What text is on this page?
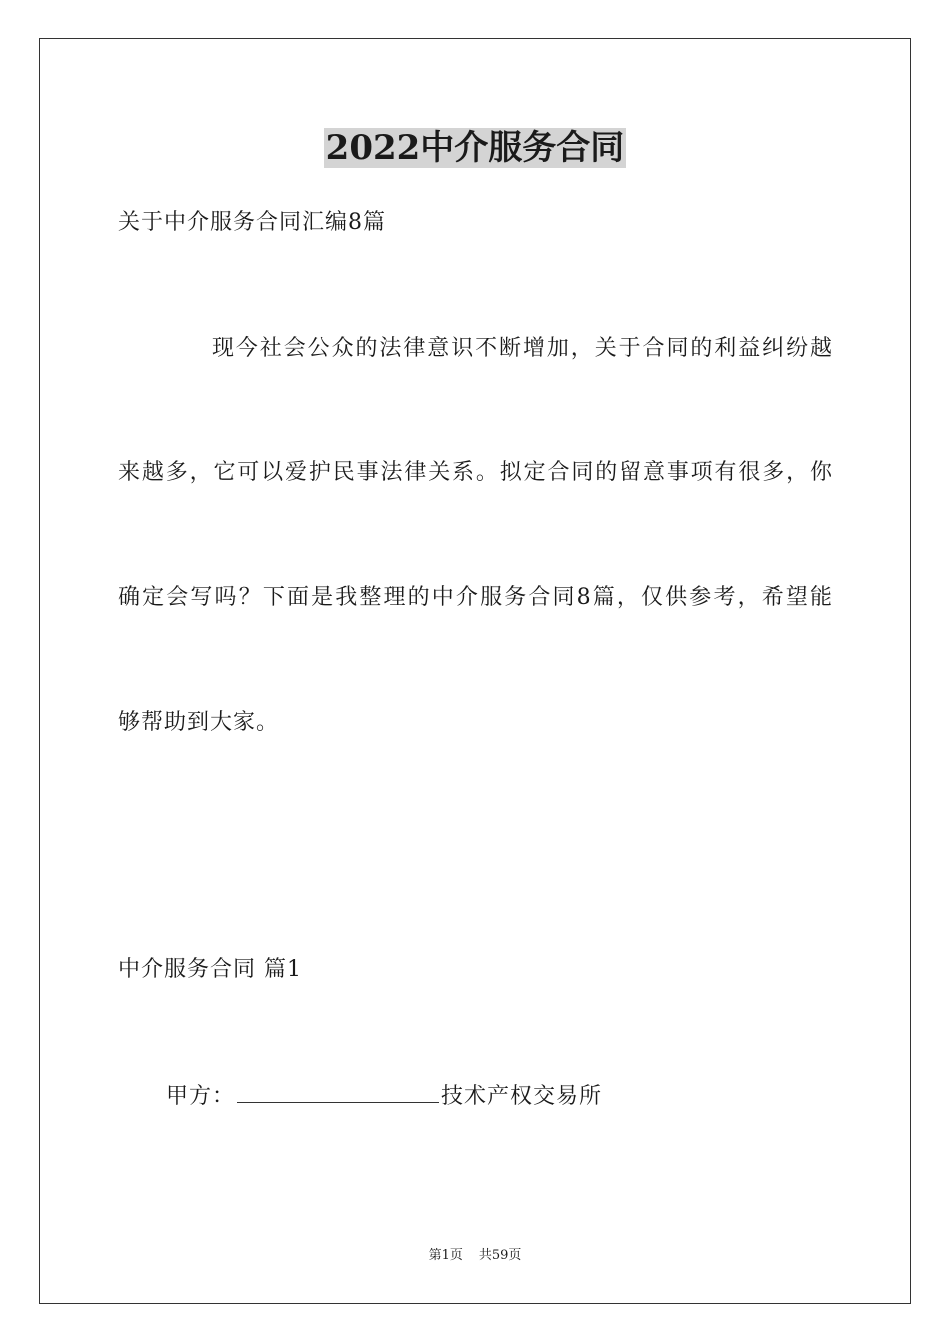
2022中介服务合同
关于中介服务合同汇编8篇
现今社会公众的法律意识不断增加，关于合同的利益纠纷越
来越多，它可以爱护民事法律关系。拟定合同的留意事项有很多，你
确定会写吗？下面是我整理的中介服务合同8篇，仅供参考，希望能
够帮助到大家。
中介服务合同 篇1
甲方：	技术产权交易所
第1页 共59页
